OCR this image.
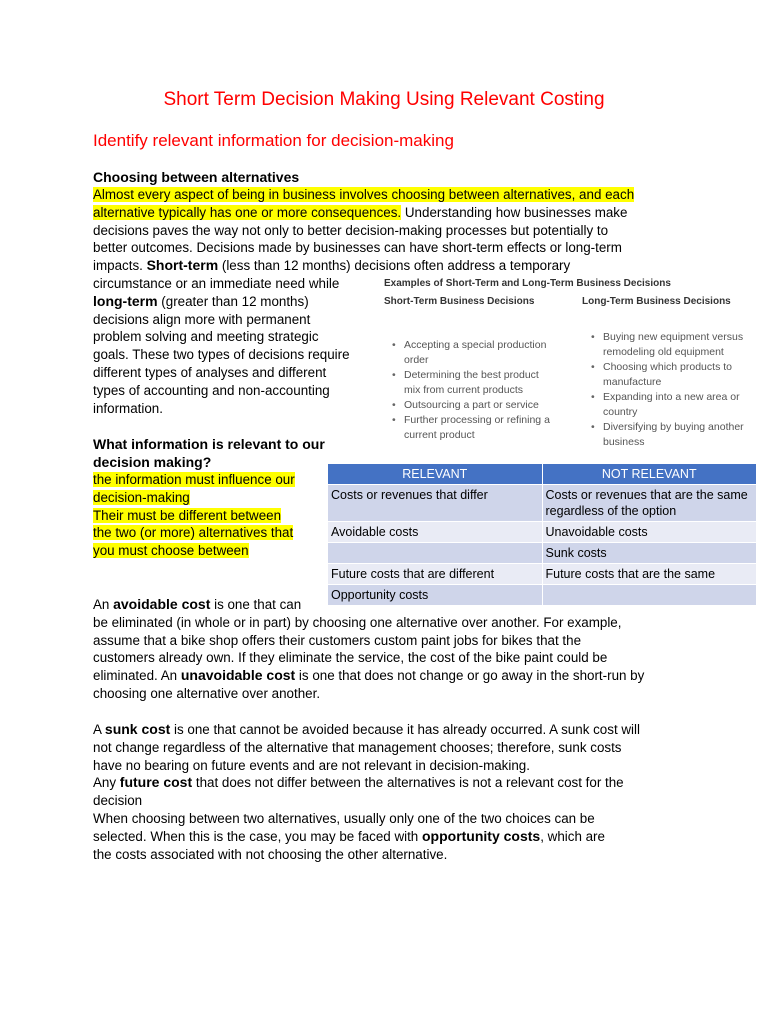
Short Term Decision Making Using Relevant Costing
Identify relevant information for decision-making
Choosing between alternatives
Almost every aspect of being in business involves choosing between alternatives, and each
alternative typically has one or more consequences. Understanding how businesses make
decisions paves the way not only to better decision-making processes but potentially to
better outcomes. Decisions made by businesses can have short-term effects or long-term
impacts. Short-term (less than 12 months) decisions often address a temporary
circumstance or an immediate need while
long-term (greater than 12 months)
decisions align more with permanent
problem solving and meeting strategic
goals. These two types of decisions require
different types of analyses and different
types of accounting and non-accounting
information.
Examples of Short-Term and Long-Term Business Decisions
Short-Term Business Decisions	Long-Term Business Decisions
• Accepting a special production
order
• Determining the best product
mix from current products
• Outsourcing a part or service
• Further processing or refining a
current product
• Buying new equipment versus
remodeling old equipment
• Choosing which products to
manufacture
• Expanding into a new area or
country
• Diversifying by buying another
business
What information is relevant to our
decision making?
the information must influence our
decision-making
Their must be different between
the two (or more) alternatives that
you must choose between
RELEVANT	NOT RELEVANT
Costs or revenues that differ	Costs or revenues that are the same regardless of the option
Avoidable costs	Unavoidable costs
	Sunk costs
Future costs that are different	Future costs that are the same
Opportunity costs	
An avoidable cost is one that can
be eliminated (in whole or in part) by choosing one alternative over another. For example,
assume that a bike shop offers their customers custom paint jobs for bikes that the
customers already own. If they eliminate the service, the cost of the bike paint could be
eliminated. An unavoidable cost is one that does not change or go away in the short-run by
choosing one alternative over another.
A sunk cost is one that cannot be avoided because it has already occurred. A sunk cost will
not change regardless of the alternative that management chooses; therefore, sunk costs
have no bearing on future events and are not relevant in decision-making.
Any future cost that does not differ between the alternatives is not a relevant cost for the
decision
When choosing between two alternatives, usually only one of the two choices can be
selected. When this is the case, you may be faced with opportunity costs, which are
the costs associated with not choosing the other alternative.
